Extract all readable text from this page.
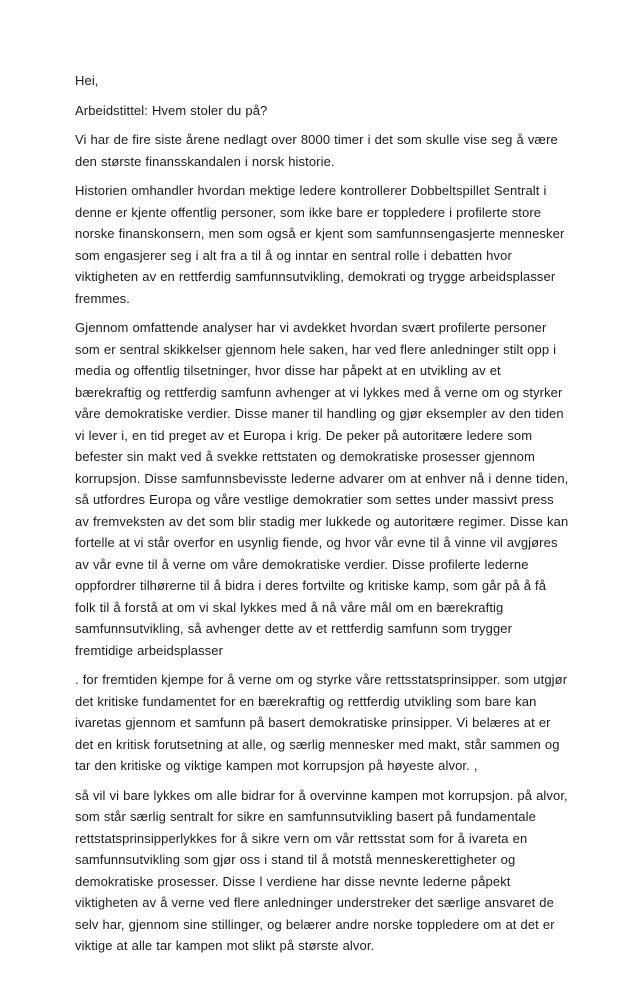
Hei,

Arbeidstittel: Hvem stoler du på?

Vi har de fire siste årene nedlagt over 8000 timer i det som skulle vise seg å være den største finansskandalen i norsk historie.

Historien omhandler hvordan mektige ledere kontrollerer Dobbeltspillet Sentralt i denne er kjente offentlig personer, som ikke bare er toppledere i profilerte store norske finanskonsern, men som også er kjent som samfunnsengasjerte mennesker som engasjerer seg i alt fra a til å og inntar en sentral rolle i debatten hvor viktigheten av en rettferdig samfunnsutvikling, demokrati og trygge arbeidsplasser fremmes.

Gjennom omfattende analyser har vi avdekket hvordan svært profilerte personer som er sentral skikkelser gjennom hele saken, har ved flere anledninger stilt opp i media og offentlig tilsetninger, hvor disse har påpekt at en utvikling av et bærekraftig og rettferdig samfunn avhenger at vi lykkes med å verne om og styrker våre demokratiske verdier. Disse maner til handling og gjør eksempler av den tiden vi lever i, en tid preget av et Europa i krig. De peker på autoritære ledere som befester sin makt ved å svekke rettstaten og demokratiske prosesser gjennom korrupsjon. Disse samfunnsbevisste lederne advarer om at enhver nå i denne tiden, så utfordres Europa og våre vestlige demokratier som settes under massivt press av fremveksten av det som blir stadig mer lukkede og autoritære regimer. Disse kan fortelle at vi står overfor en usynlig fiende, og hvor vår evne til å vinne vil avgjøres av vår evne til å verne om våre demokratiske verdier. Disse profilerte lederne oppfordrer tilhørerne til å bidra i deres fortvilte og kritiske kamp, som går på å få folk til å forstå at om vi skal lykkes med å nå våre mål om en bærekraftig samfunnsutvikling, så avhenger dette av et rettferdig samfunn som trygger fremtidige arbeidsplasser

. for fremtiden kjempe for å verne om og styrke våre rettsstatsprinsipper. som utgjør det kritiske fundamentet for en bærekraftig og rettferdig utvikling som bare kan ivaretas gjennom et samfunn på basert demokratiske prinsipper. Vi belæres at er det en kritisk forutsetning at alle, og særlig mennesker med makt, står sammen og tar den kritiske og viktige kampen mot korrupsjon på høyeste alvor. ,

så vil vi bare lykkes om alle bidrar for å overvinne kampen mot korrupsjon. på alvor, som står særlig sentralt for sikre en samfunnsutvikling basert på fundamentale rettstatsprinsipperlykkes for å sikre vern om vår rettsstat som for å ivareta en samfunnsutvikling som gjør oss i stand til å motstå menneskerettigheter og demokratiske prosesser. Disse l verdiene har disse nevnte lederne påpekt viktigheten av å verne ved flere anledninger understreker det særlige ansvaret de selv har, gjennom sine stillinger, og belærer andre norske toppledere om at det er viktige at alle tar kampen mot slikt på største alvor.
